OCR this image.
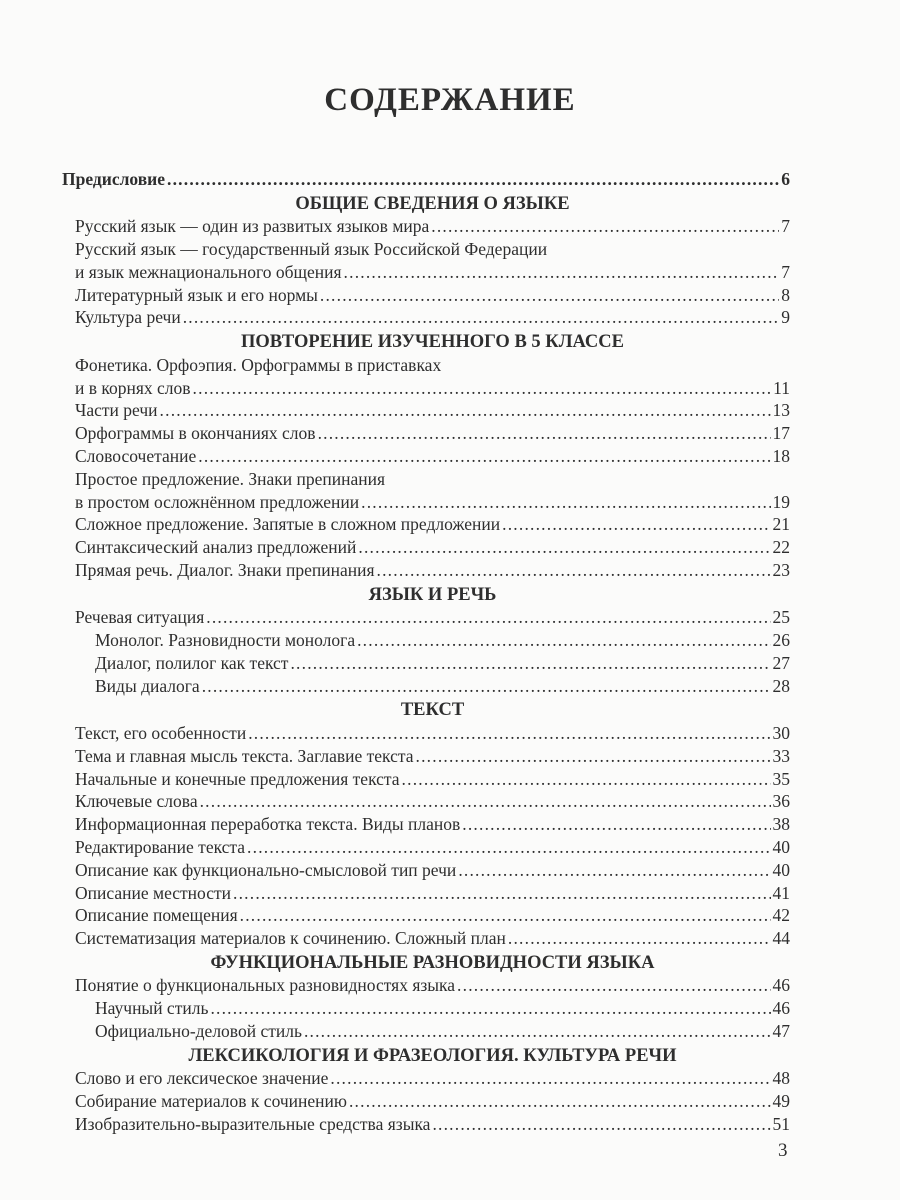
СОДЕРЖАНИЕ
Предисловие .....	6
ОБЩИЕ СВЕДЕНИЯ О ЯЗЫКЕ
Русский язык — один из развитых языков мира .....	7
Русский язык — государственный язык Российской Федерации
и язык межнационального общения .....	7
Литературный язык и его нормы .....	8
Культура речи .....	9
ПОВТОРЕНИЕ ИЗУЧЕННОГО В 5 КЛАССЕ
Фонетика. Орфоэпия. Орфограммы в приставках
и в корнях слов .....	11
Части речи .....	13
Орфограммы в окончаниях слов .....	17
Словосочетание .....	18
Простое предложение. Знаки препинания
в простом осложнённом предложении .....	19
Сложное предложение. Запятые в сложном предложении .....	21
Синтаксический анализ предложений .....	22
Прямая речь. Диалог. Знаки препинания .....	23
ЯЗЫК И РЕЧЬ
Речевая ситуация .....	25
Монолог. Разновидности монолога .....	26
Диалог, полилог как текст .....	27
Виды диалога .....	28
ТЕКСТ
Текст, его особенности .....	30
Тема и главная мысль текста. Заглавие текста .....	33
Начальные и конечные предложения текста .....	35
Ключевые слова .....	36
Информационная переработка текста. Виды планов .....	38
Редактирование текста .....	40
Описание как функционально-смысловой тип речи .....	40
Описание местности .....	41
Описание помещения .....	42
Систематизация материалов к сочинению. Сложный план .....	44
ФУНКЦИОНАЛЬНЫЕ РАЗНОВИДНОСТИ ЯЗЫКА
Понятие о функциональных разновидностях языка .....	46
Научный стиль .....	46
Официально-деловой стиль .....	47
ЛЕКСИКОЛОГИЯ И ФРАЗЕОЛОГИЯ. КУЛЬТУРА РЕЧИ
Слово и его лексическое значение .....	48
Собирание материалов к сочинению .....	49
Изобразительно-выразительные средства языка .....	51
3
